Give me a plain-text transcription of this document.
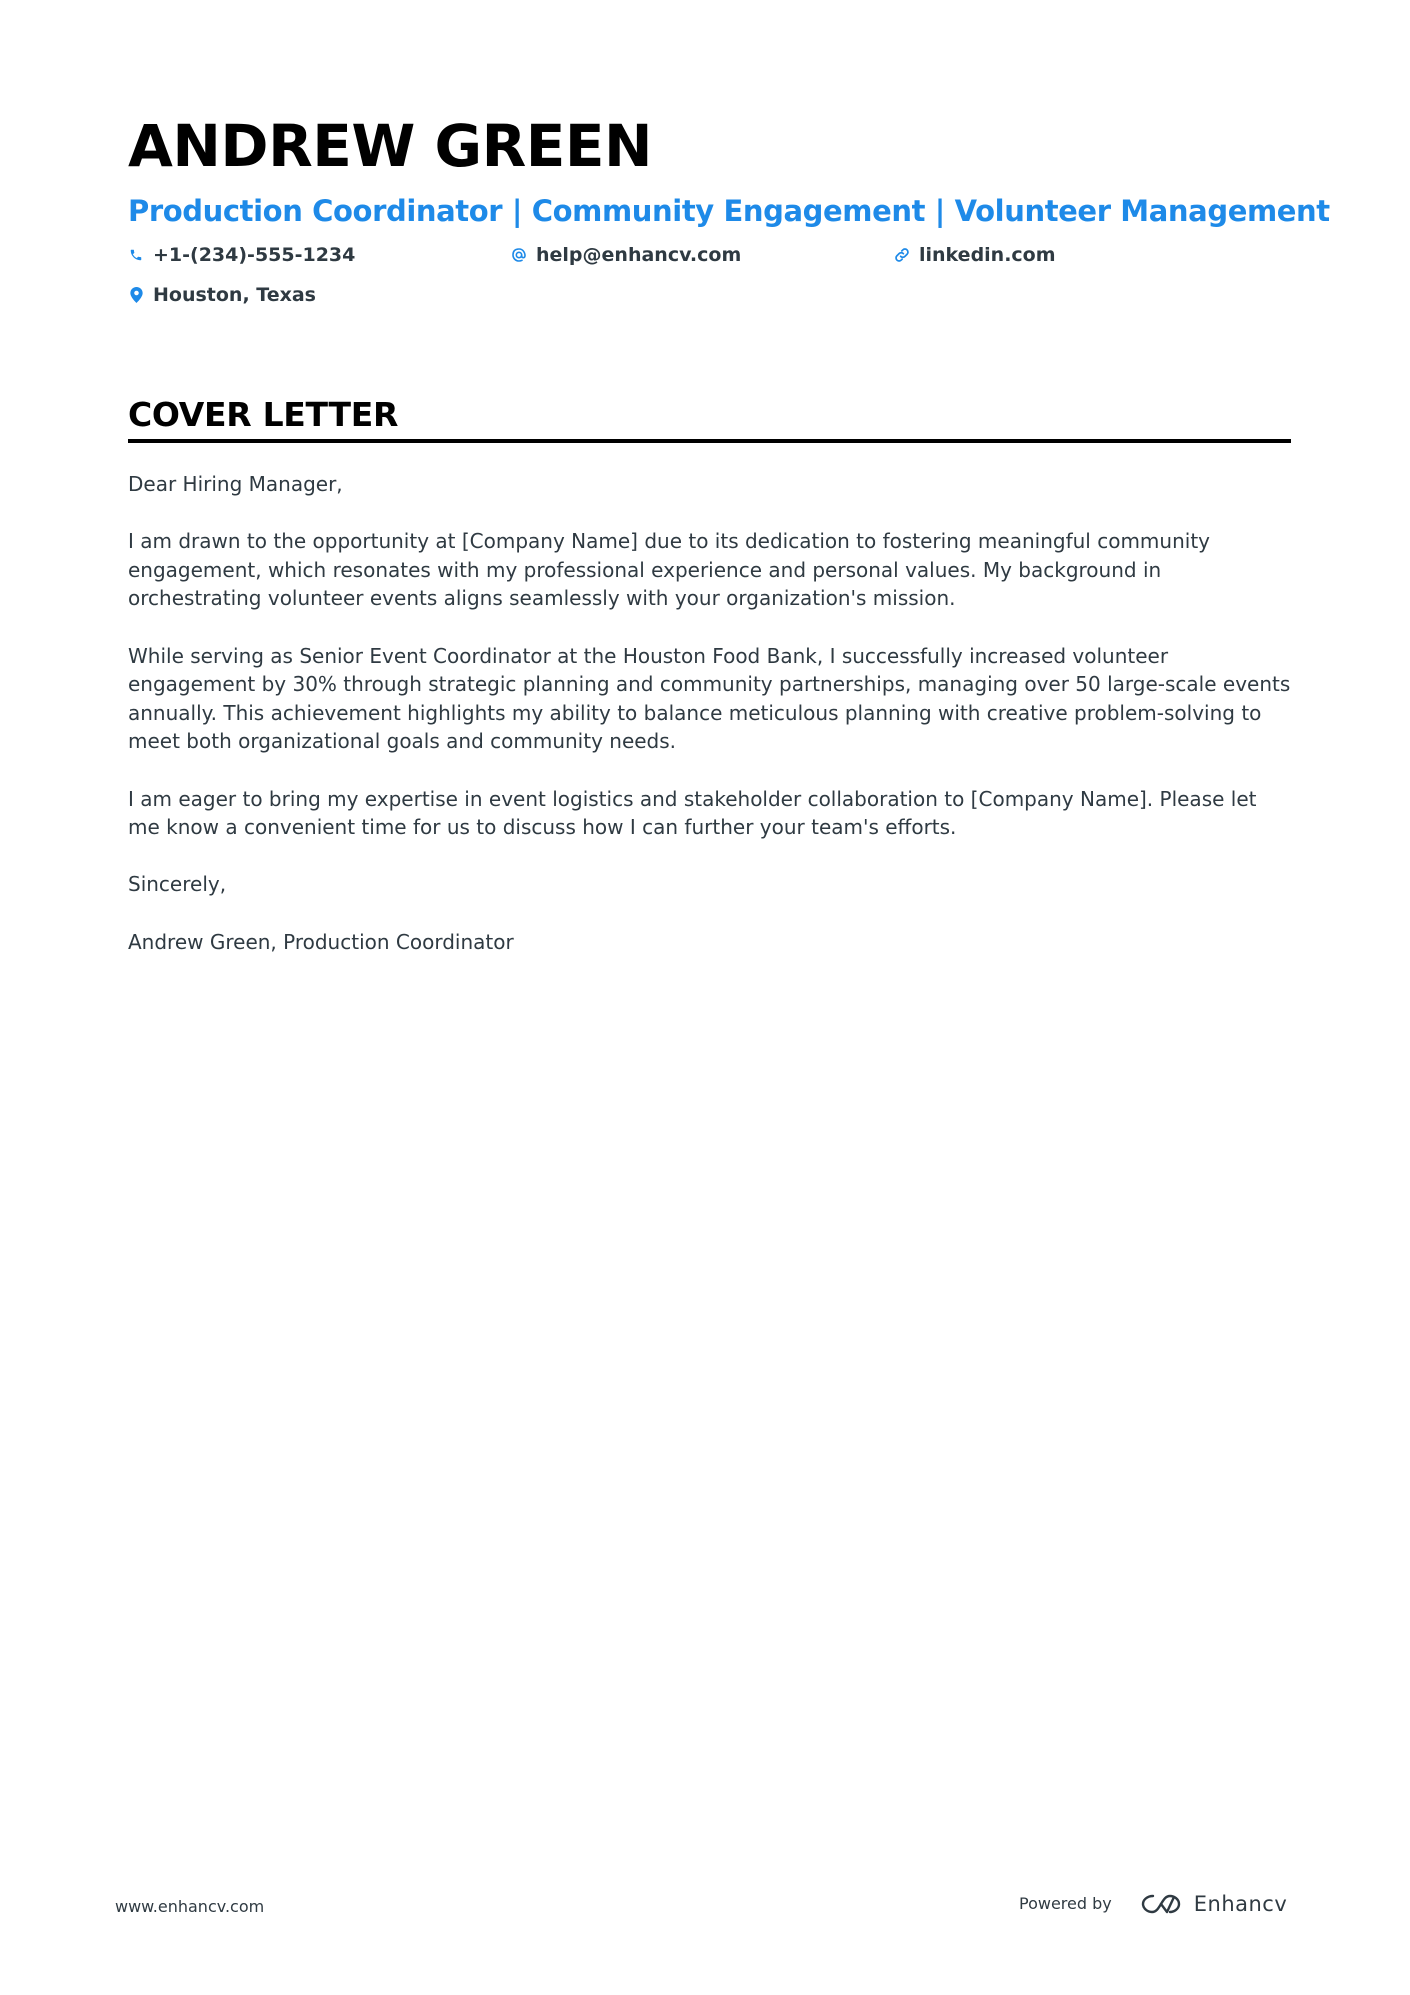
ANDREW GREEN
Production Coordinator | Community Engagement | Volunteer Management
+1-(234)-555-1234	help@enhancv.com	linkedin.com
Houston, Texas
COVER LETTER

Dear Hiring Manager,

I am drawn to the opportunity at [Company Name] due to its dedication to fostering meaningful community engagement, which resonates with my professional experience and personal values. My background in orchestrating volunteer events aligns seamlessly with your organization's mission.

While serving as Senior Event Coordinator at the Houston Food Bank, I successfully increased volunteer engagement by 30% through strategic planning and community partnerships, managing over 50 large-scale events annually. This achievement highlights my ability to balance meticulous planning with creative problem-solving to meet both organizational goals and community needs.

I am eager to bring my expertise in event logistics and stakeholder collaboration to [Company Name]. Please let me know a convenient time for us to discuss how I can further your team's efforts.

Sincerely,

Andrew Green, Production Coordinator

www.enhancv.com	Powered by	Enhancv
